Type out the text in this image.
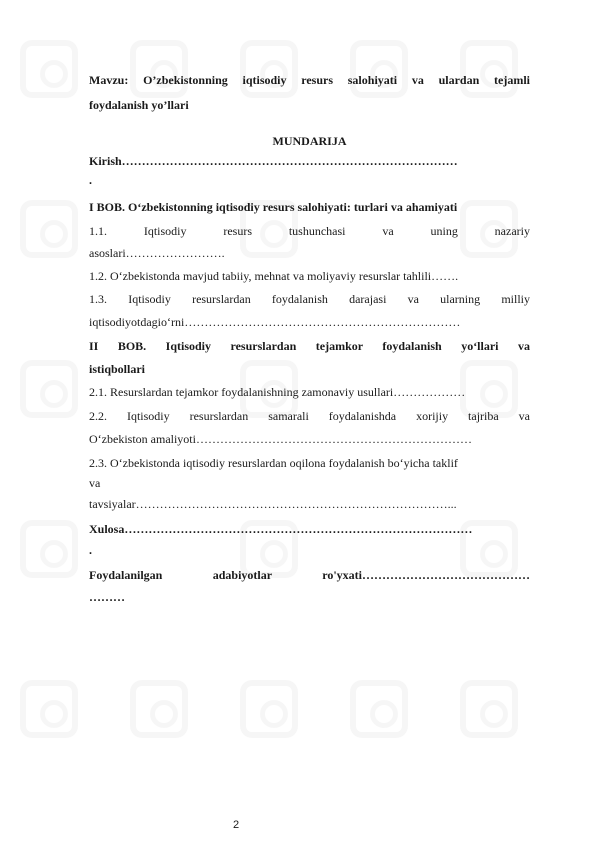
Mavzu: O’zbekistonning iqtisodiy resurs salohiyati va ulardan tejamli
foydalanish yo’llari
MUNDARIJA
Kirish…………………………………………………………………………
.
I BOB. O‘zbekistonning iqtisodiy resurs salohiyati: turlari va ahamiyati
1.1. Iqtisodiy resurs tushunchasi va uning nazariy
asoslari…………………….
1.2. O‘zbekistonda mavjud tabiiy, mehnat va moliyaviy resurslar tahlili…….
1.3. Iqtisodiy resurslardan foydalanish darajasi va ularning milliy
iqtisodiyotdagio‘rni……………………………………………………………
II BOB. Iqtisodiy resurslardan tejamkor foydalanish yo‘llari va
istiqbollari
2.1. Resurslardan tejamkor foydalanishning zamonaviy usullari………………
2.2. Iqtisodiy resurslardan samarali foydalanishda xorijiy tajriba va
O‘zbekiston amaliyoti……………………………………………………………
2.3. O‘zbekistonda iqtisodiy resurslardan oqilona foydalanish bo‘yicha taklif
va
tavsiyalar……………………………………………………………………...
Xulosa……………………………………………………………………………
.
Foydalanilgan adabiyotlar ro'yxati……………………………………
………
2
